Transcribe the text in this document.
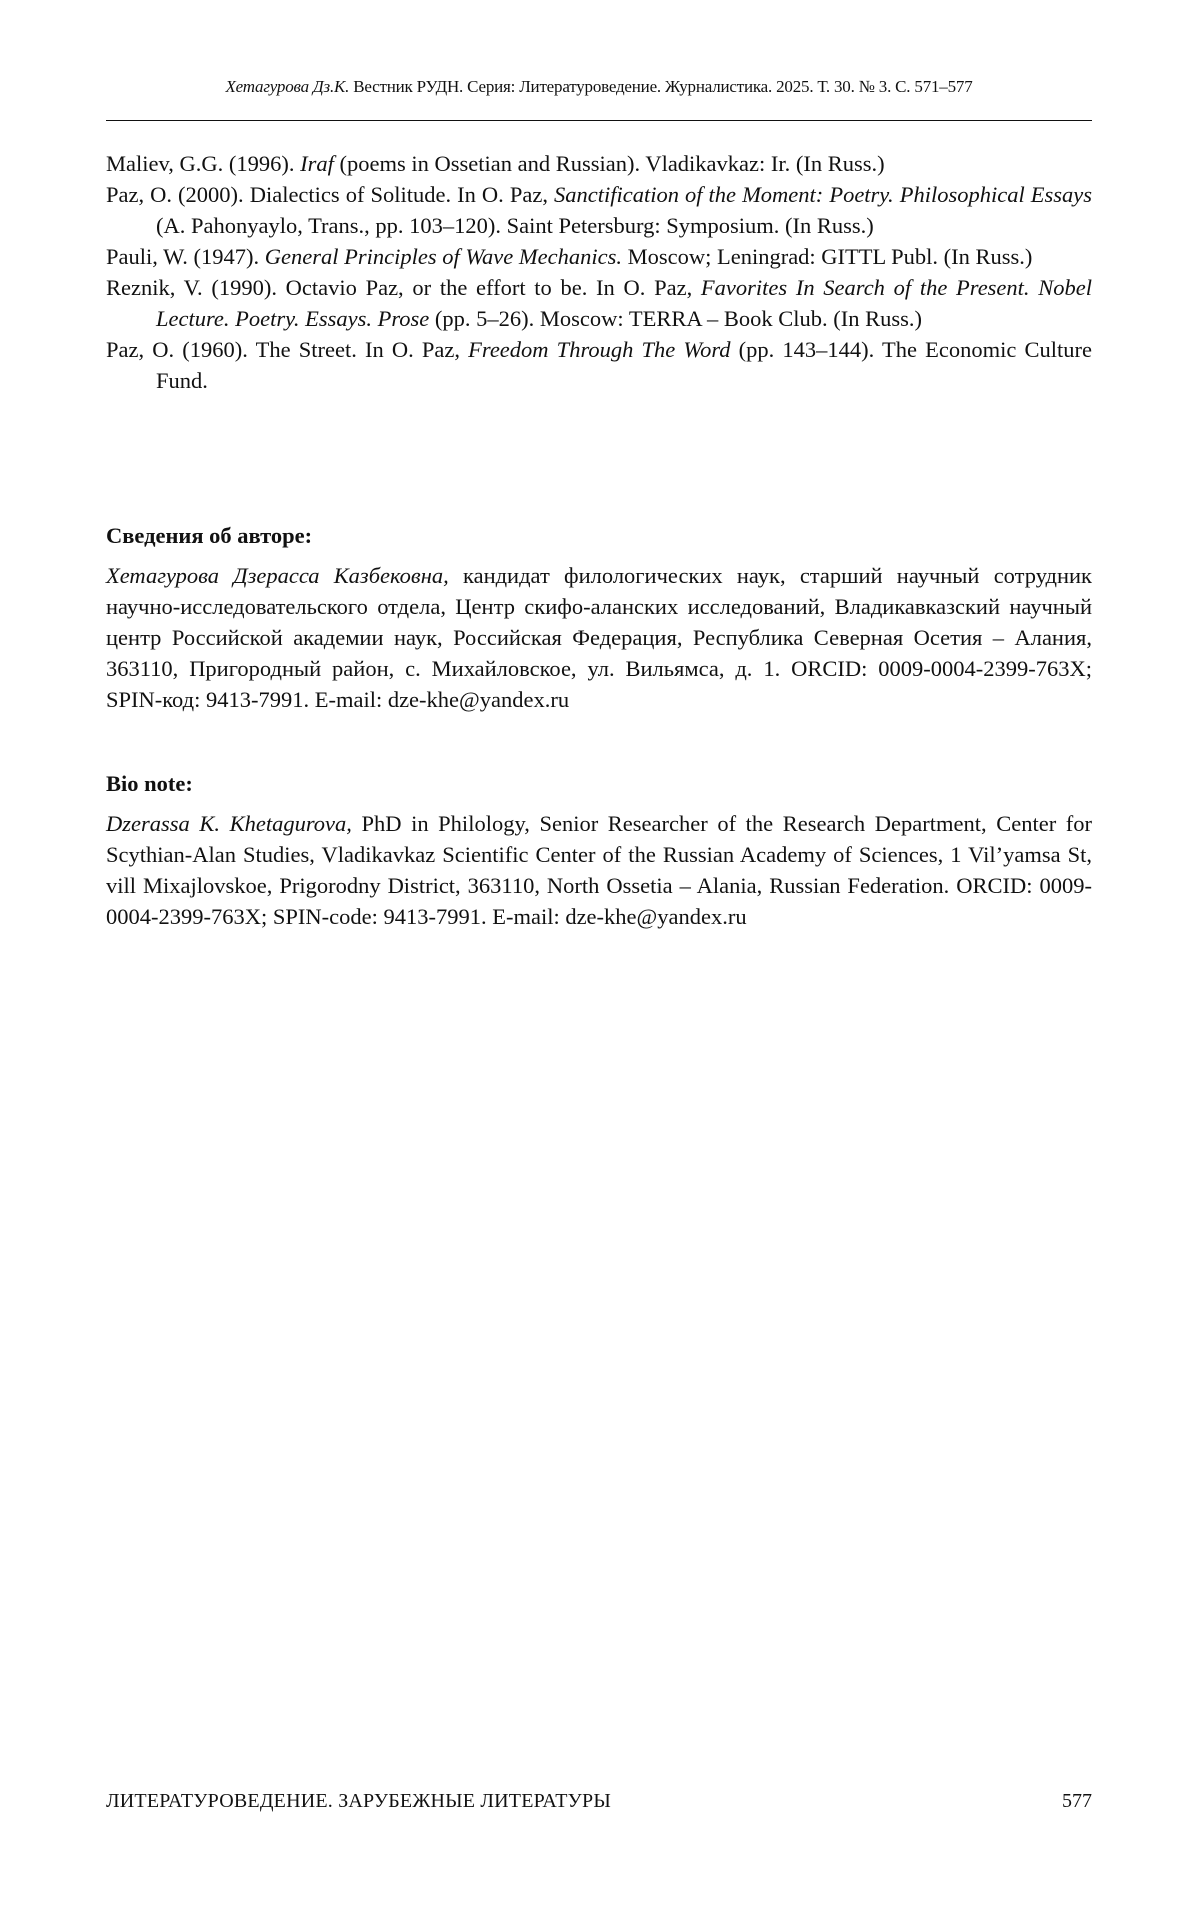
Хетагурова Дз.К. Вестник РУДН. Серия: Литературоведение. Журналистика. 2025. Т. 30. № 3. С. 571–577

Maliev, G.G. (1996). Iraf (poems in Ossetian and Russian). Vladikavkaz: Ir. (In Russ.)

Paz, O. (2000). Dialectics of Solitude. In O. Paz, Sanctification of the Moment: Poetry. Philosophical Essays (A. Pahonyaylo, Trans., pp. 103–120). Saint Petersburg: Symposium. (In Russ.)

Pauli, W. (1947). General Principles of Wave Mechanics. Moscow; Leningrad: GITTL Publ. (In Russ.)

Reznik, V. (1990). Octavio Paz, or the effort to be. In O. Paz, Favorites In Search of the Present. Nobel Lecture. Poetry. Essays. Prose (pp. 5–26). Moscow: TERRA – Book Club. (In Russ.)

Paz, O. (1960). The Street. In O. Paz, Freedom Through The Word (pp. 143–144). The Economic Culture Fund.

Сведения об авторе:

Хетагурова Дзерасса Казбековна, кандидат филологических наук, старший научный сотрудник научно-исследовательского отдела, Центр скифо-аланских исследований, Владикавказский научный центр Российской академии наук, Российская Федерация, Республика Северная Осетия – Алания, 363110, Пригородный район, с. Михайловское, ул. Вильямса, д. 1. ORCID: 0009-0004-2399-763X; SPIN-код: 9413-7991. E-mail: dze-khe@yandex.ru

Bio note:

Dzerassa K. Khetagurova, PhD in Philology, Senior Researcher of the Research Department, Center for Scythian-Alan Studies, Vladikavkaz Scientific Center of the Russian Academy of Sciences, 1 Vil’yamsa St, vill Mixajlovskoe, Prigorodny District, 363110, North Ossetia – Alania, Russian Federation. ORCID: 0009-0004-2399-763X; SPIN-code: 9413-7991. E-mail: dze-khe@yandex.ru

ЛИТЕРАТУРОВЕДЕНИЕ. ЗАРУБЕЖНЫЕ ЛИТЕРАТУРЫ	577
